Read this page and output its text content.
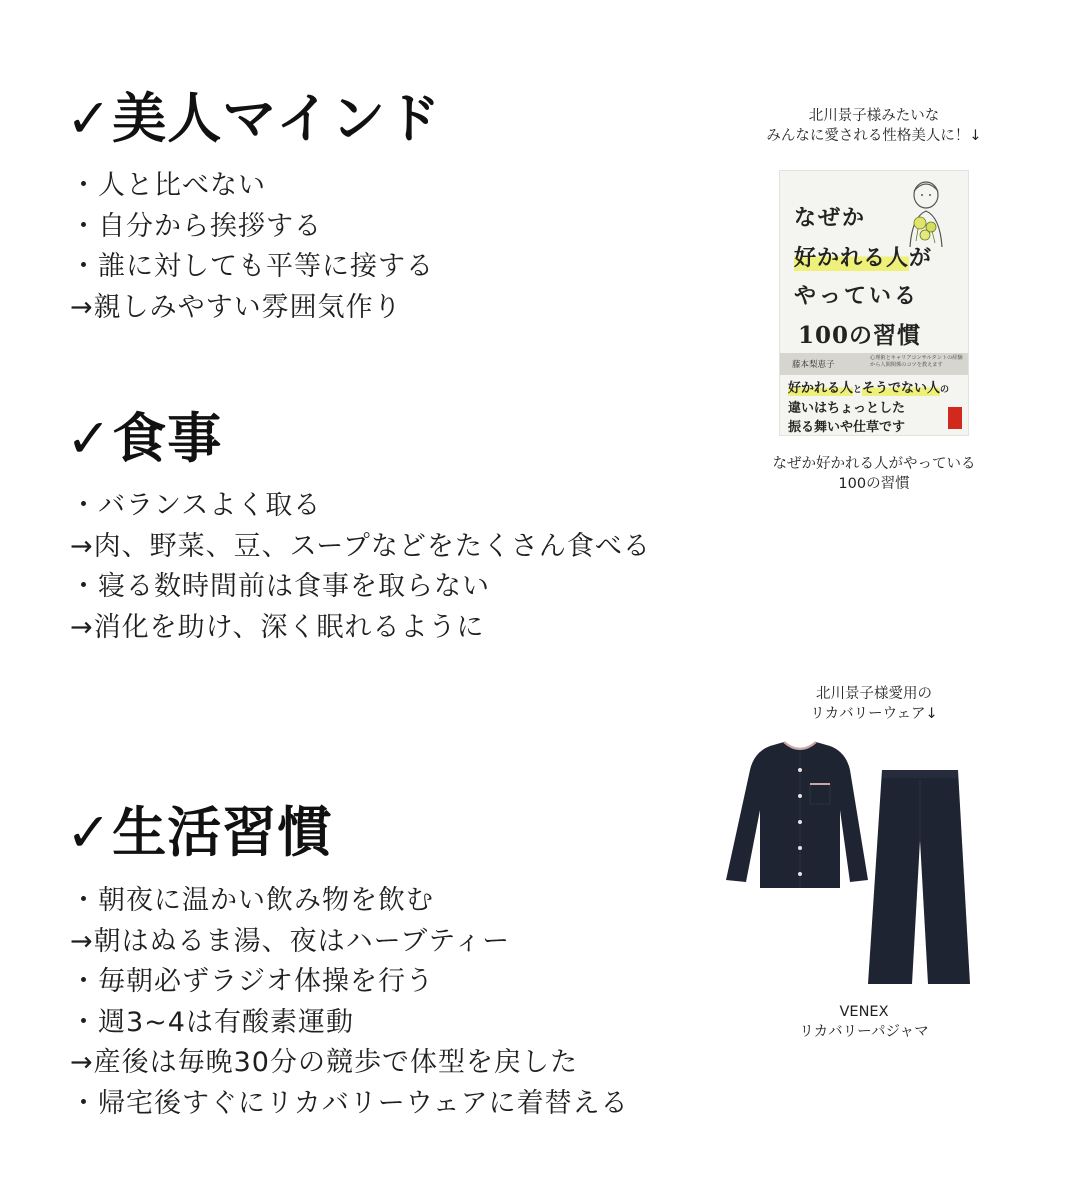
✓美人マインド
・人と比べない
・自分から挨拶する
・誰に対しても平等に接する
→親しみやすい雰囲気作り
✓食事
・バランスよく取る
→肉、野菜、豆、スープなどをたくさん食べる
・寝る数時間前は食事を取らない
→消化を助け、深く眠れるように
✓生活習慣
・朝夜に温かい飲み物を飲む
→朝はぬるま湯、夜はハーブティー
・毎朝必ずラジオ体操を行う
・週3~4は有酸素運動
→産後は毎晩30分の競歩で体型を戻した
・帰宅後すぐにリカバリーウェアに着替える
北川景子様みたいな
みんなに愛される性格美人に！↓
なぜか
好かれる人が
やっている
100の習慣
藤本梨恵子
心理術とキャリアコンサルタントの経験から人間関係のコツを教えます
好かれる人とそうでない人の
違いはちょっとした
振る舞いや仕草です
なぜか好かれる人がやっている
100の習慣
北川景子様愛用の
リカバリーウェア↓
VENEX
リカバリーパジャマ
